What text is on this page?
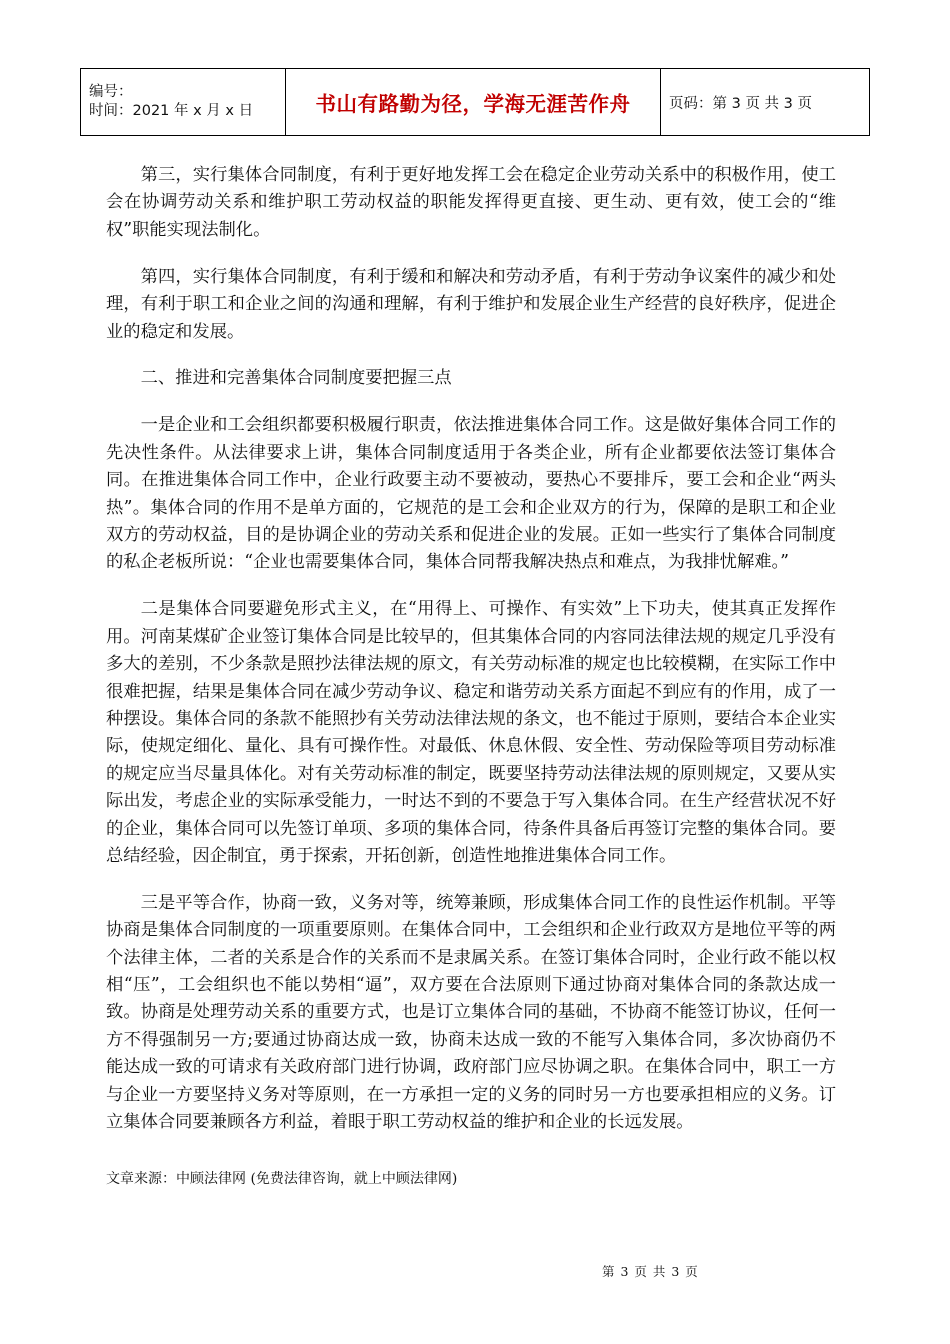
编号：
时间：2021 年 x 月 x 日	书山有路勤为径，学海无涯苦作舟	页码：第 3 页 共 3 页

第三，实行集体合同制度，有利于更好地发挥工会在稳定企业劳动关系中的积极作用，使工会在协调劳动关系和维护职工劳动权益的职能发挥得更直接、更生动、更有效，使工会的“维权”职能实现法制化。

第四，实行集体合同制度，有利于缓和和解决和劳动矛盾，有利于劳动争议案件的减少和处理，有利于职工和企业之间的沟通和理解，有利于维护和发展企业生产经营的良好秩序，促进企业的稳定和发展。

二、推进和完善集体合同制度要把握三点

一是企业和工会组织都要积极履行职责，依法推进集体合同工作。这是做好集体合同工作的先决性条件。从法律要求上讲，集体合同制度适用于各类企业，所有企业都要依法签订集体合同。在推进集体合同工作中，企业行政要主动不要被动，要热心不要排斥，要工会和企业“两头热”。集体合同的作用不是单方面的，它规范的是工会和企业双方的行为，保障的是职工和企业双方的劳动权益，目的是协调企业的劳动关系和促进企业的发展。正如一些实行了集体合同制度的私企老板所说：“企业也需要集体合同，集体合同帮我解决热点和难点，为我排忧解难。”

二是集体合同要避免形式主义，在“用得上、可操作、有实效”上下功夫，使其真正发挥作用。河南某煤矿企业签订集体合同是比较早的，但其集体合同的内容同法律法规的规定几乎没有多大的差别，不少条款是照抄法律法规的原文，有关劳动标准的规定也比较模糊，在实际工作中很难把握，结果是集体合同在减少劳动争议、稳定和谐劳动关系方面起不到应有的作用，成了一种摆设。集体合同的条款不能照抄有关劳动法律法规的条文，也不能过于原则，要结合本企业实际，使规定细化、量化、具有可操作性。对最低、休息休假、安全性、劳动保险等项目劳动标准的规定应当尽量具体化。对有关劳动标准的制定，既要坚持劳动法律法规的原则规定，又要从实际出发，考虑企业的实际承受能力，一时达不到的不要急于写入集体合同。在生产经营状况不好的企业，集体合同可以先签订单项、多项的集体合同，待条件具备后再签订完整的集体合同。要总结经验，因企制宜，勇于探索，开拓创新，创造性地推进集体合同工作。

三是平等合作，协商一致，义务对等，统筹兼顾，形成集体合同工作的良性运作机制。平等协商是集体合同制度的一项重要原则。在集体合同中，工会组织和企业行政双方是地位平等的两个法律主体，二者的关系是合作的关系而不是隶属关系。在签订集体合同时，企业行政不能以权相“压”，工会组织也不能以势相“逼”，双方要在合法原则下通过协商对集体合同的条款达成一致。协商是处理劳动关系的重要方式，也是订立集体合同的基础，不协商不能签订协议，任何一方不得强制另一方;要通过协商达成一致，协商未达成一致的不能写入集体合同，多次协商仍不能达成一致的可请求有关政府部门进行协调，政府部门应尽协调之职。在集体合同中，职工一方与企业一方要坚持义务对等原则，在一方承担一定的义务的同时另一方也要承担相应的义务。订立集体合同要兼顾各方利益，着眼于职工劳动权益的维护和企业的长远发展。

文章来源：中顾法律网 (免费法律咨询，就上中顾法律网)
第 3 页 共 3 页
